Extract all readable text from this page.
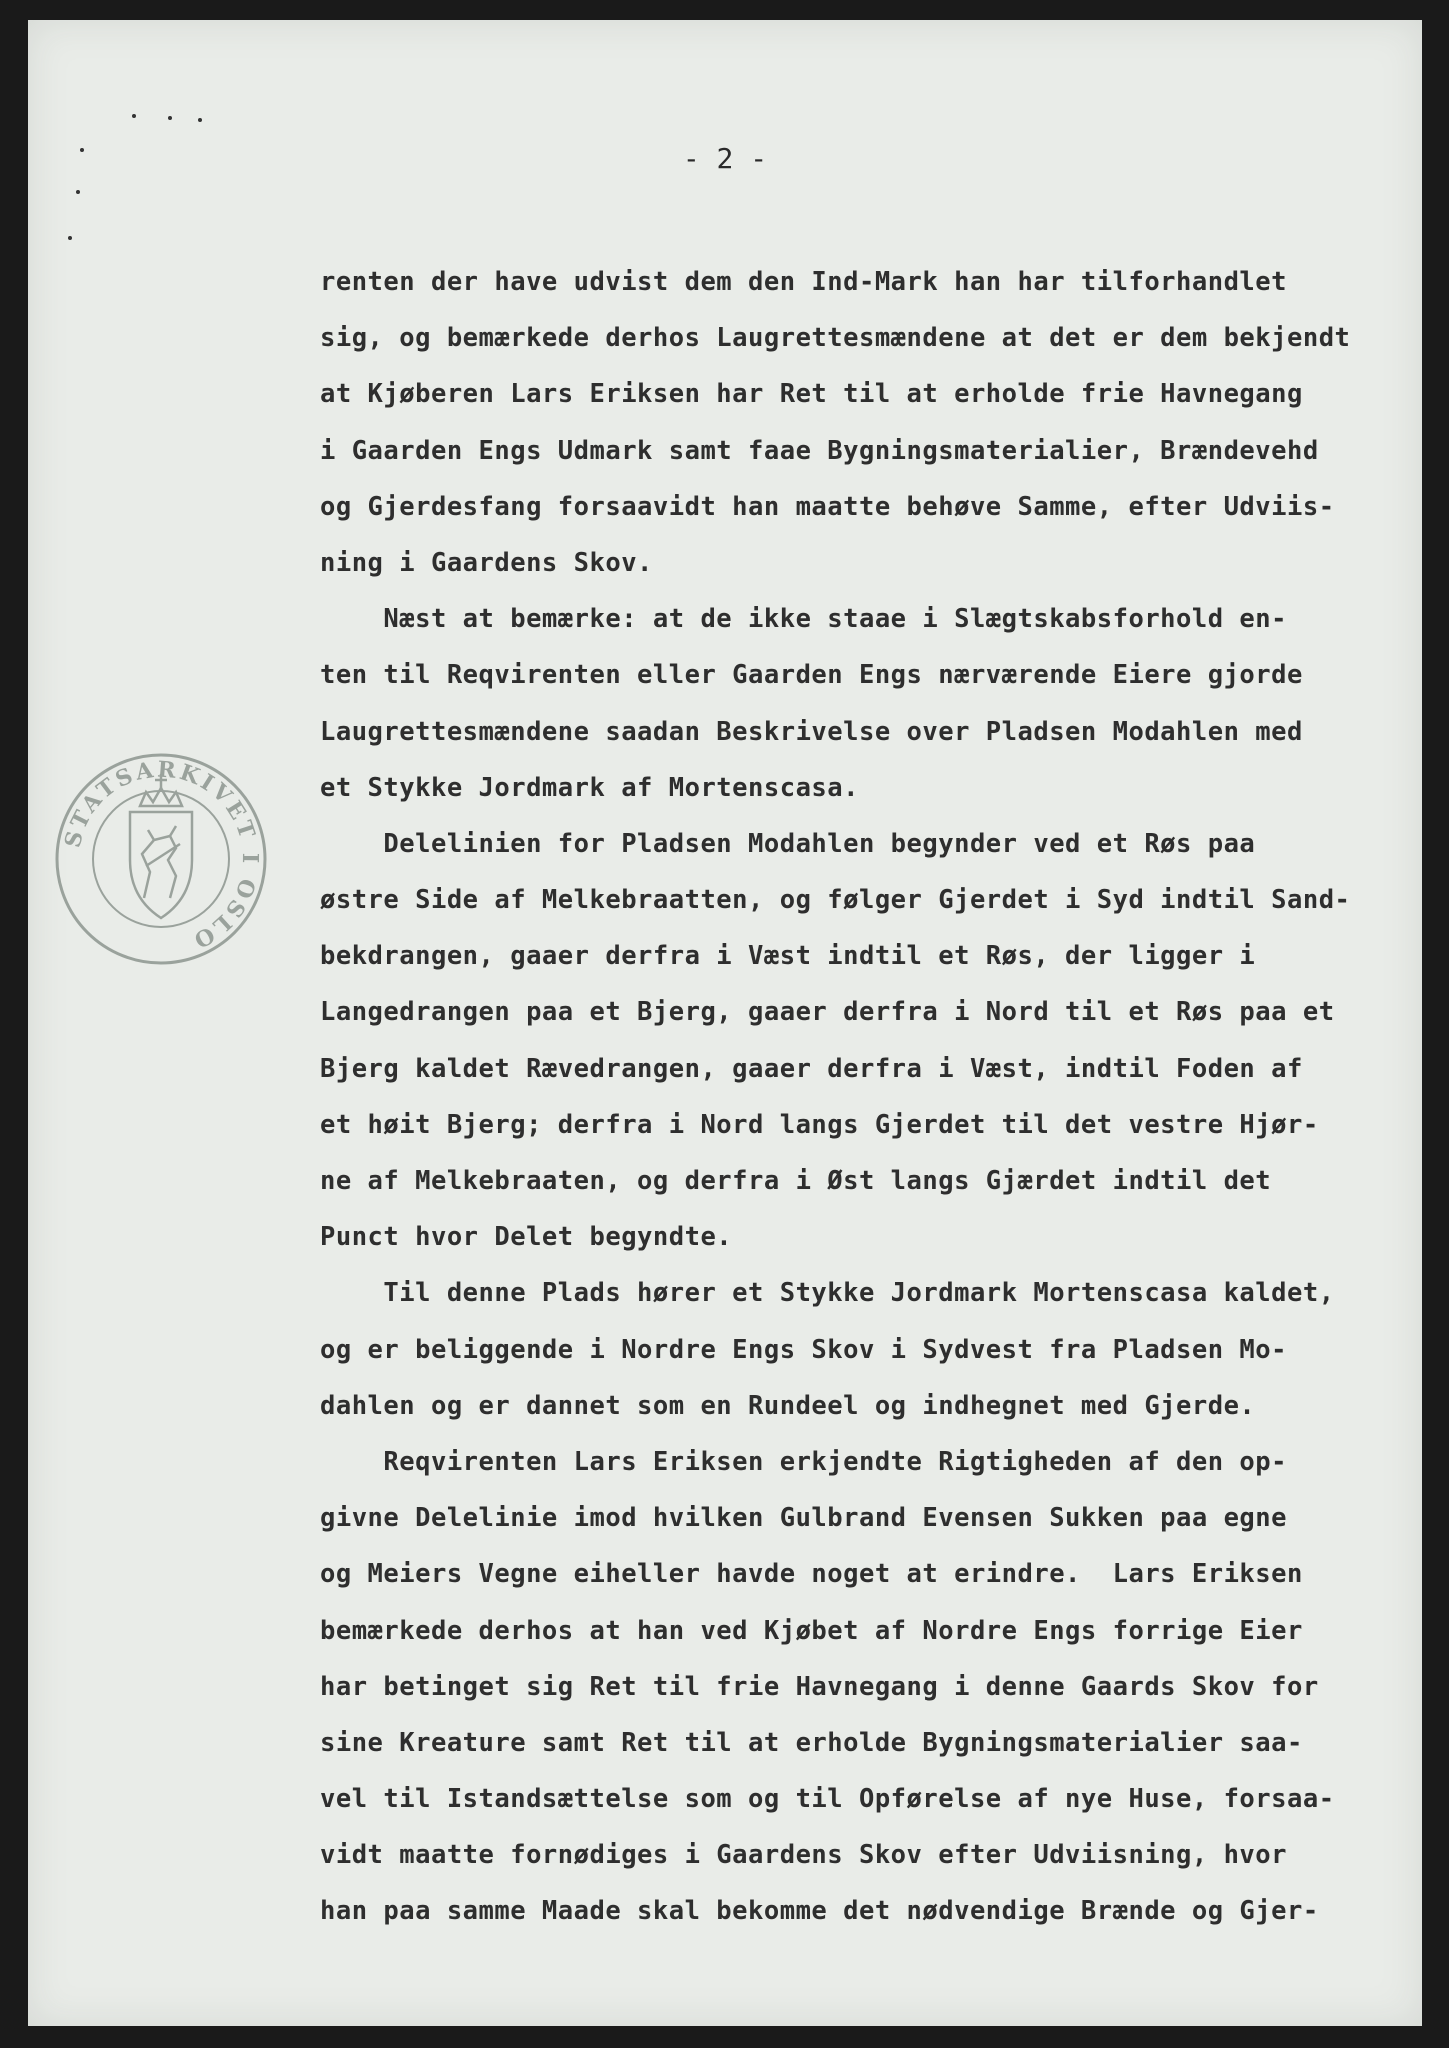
- 2 -
renten der have udvist dem den Ind-Mark han har tilforhandlet
sig, og bemærkede derhos Laugrettesmændene at det er dem bekjendt
at Kjøberen Lars Eriksen har Ret til at erholde frie Havnegang
i Gaarden Engs Udmark samt faae Bygningsmaterialier, Brændevehd
og Gjerdesfang forsaavidt han maatte behøve Samme, efter Udviis-
ning i Gaardens Skov.
Næst at bemærke: at de ikke staae i Slægtskabsforhold en-
ten til Reqvirenten eller Gaarden Engs nærværende Eiere gjorde
Laugrettesmændene saadan Beskrivelse over Pladsen Modahlen med
et Stykke Jordmark af Mortenscasa.
Delelinien for Pladsen Modahlen begynder ved et Røs paa
østre Side af Melkebraatten, og følger Gjerdet i Syd indtil Sand-
bekdrangen, gaaer derfra i Væst indtil et Røs, der ligger i
Langedrangen paa et Bjerg, gaaer derfra i Nord til et Røs paa et
Bjerg kaldet Rævedrangen, gaaer derfra i Væst, indtil Foden af
et høit Bjerg; derfra i Nord langs Gjerdet til det vestre Hjør-
ne af Melkebraaten, og derfra i Øst langs Gjærdet indtil det
Punct hvor Delet begyndte.
Til denne Plads hører et Stykke Jordmark Mortenscasa kaldet,
og er beliggende i Nordre Engs Skov i Sydvest fra Pladsen Mo-
dahlen og er dannet som en Rundeel og indhegnet med Gjerde.
Reqvirenten Lars Eriksen erkjendte Rigtigheden af den op-
givne Delelinie imod hvilken Gulbrand Evensen Sukken paa egne
og Meiers Vegne eiheller havde noget at erindre.  Lars Eriksen
bemærkede derhos at han ved Kjøbet af Nordre Engs forrige Eier
har betinget sig Ret til frie Havnegang i denne Gaards Skov for
sine Kreature samt Ret til at erholde Bygningsmaterialier saa-
vel til Istandsættelse som og til Opførelse af nye Huse, forsaa-
vidt maatte fornødiges i Gaardens Skov efter Udviisning, hvor
han paa samme Maade skal bekomme det nødvendige Brænde og Gjer-
STATSARKIVET I OSLO
